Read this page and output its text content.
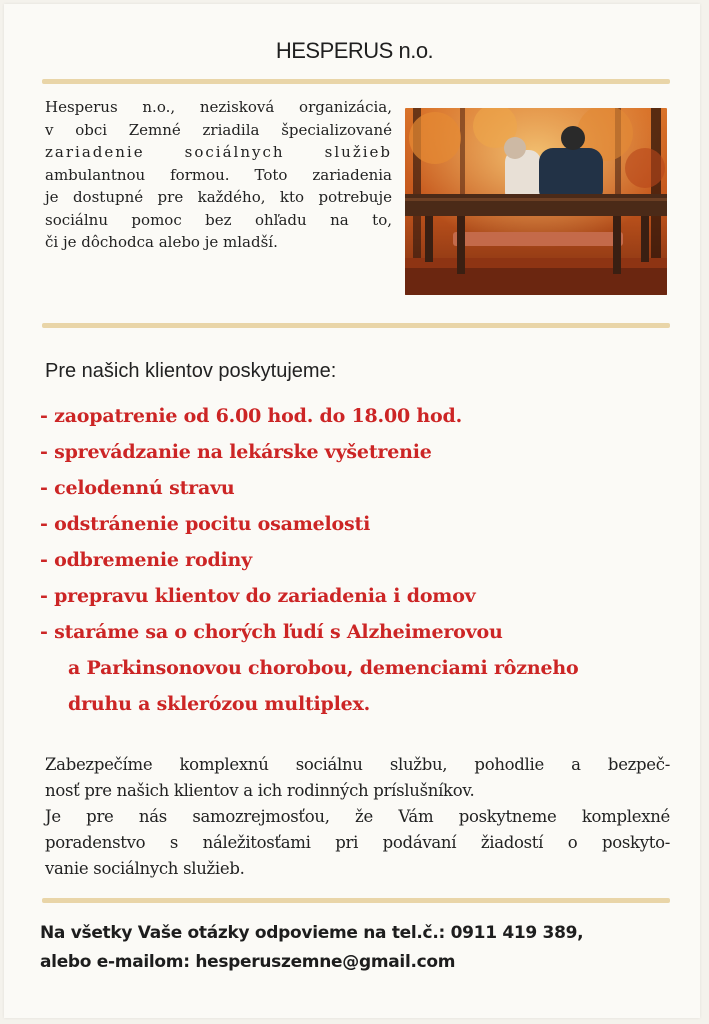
HESPERUS n.o.
Hesperus n.o., nezisková organizácia,
v obci Zemné zriadila špecializované
zariadenie sociálnych služieb
ambulantnou formou. Toto zariadenia
je dostupné pre každého, kto potrebuje
sociálnu pomoc bez ohľadu na to,
či je dôchodca alebo je mladší.
Pre našich klientov poskytujeme:
- zaopatrenie od 6.00 hod. do 18.00 hod.
- sprevádzanie na lekárske vyšetrenie
- celodennú stravu
- odstránenie pocitu osamelosti
- odbremenie rodiny
- prepravu klientov do zariadenia i domov
- staráme sa o chorých ľudí s Alzheimerovou
a Parkinsonovou chorobou, demenciami rôzneho
druhu a sklerózou multiplex.
Zabezpečíme komplexnú sociálnu službu, pohodlie a bezpeč-
nosť pre našich klientov a ich rodinných príslušníkov.
Je pre nás samozrejmosťou, že Vám poskytneme komplexné
poradenstvo s náležitosťami pri podávaní žiadostí o poskyto-
vanie sociálnych služieb.
Na všetky Vaše otázky odpovieme na tel.č.: 0911 419 389,
alebo e-mailom: hesperuszemne@gmail.com
